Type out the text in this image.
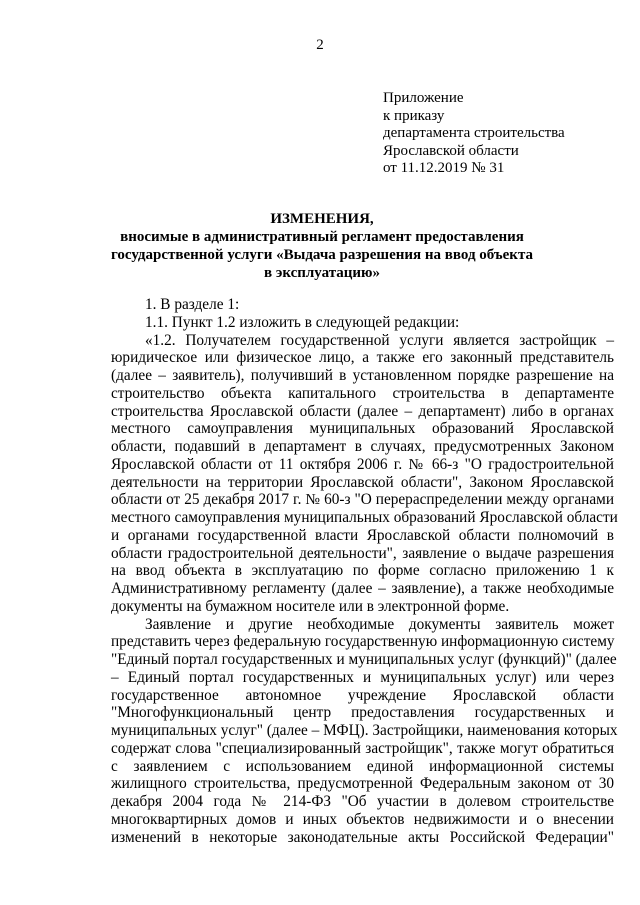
2
Приложение
к приказу
департамента строительства
Ярославской области
от 11.12.2019 № 31
ИЗМЕНЕНИЯ,
вносимые в административный регламент предоставления
государственной услуги «Выдача разрешения на ввод объекта
в эксплуатацию»
1. В разделе 1:
1.1. Пункт 1.2 изложить в следующей редакции:
«1.2. Получателем государственной услуги является застройщик –
юридическое или физическое лицо, а также его законный представитель
(далее – заявитель), получивший в установленном порядке разрешение на
строительство объекта капитального строительства в департаменте
строительства Ярославской области (далее – департамент) либо в органах
местного самоуправления муниципальных образований Ярославской
области, подавший в департамент в случаях, предусмотренных Законом
Ярославской области от 11 октября 2006 г. № 66-з "О градостроительной
деятельности на территории Ярославской области", Законом Ярославской
области от 25 декабря 2017 г. № 60-з "О перераспределении между органами
местного самоуправления муниципальных образований Ярославской области
и органами государственной власти Ярославской области полномочий в
области градостроительной деятельности", заявление о выдаче разрешения
на ввод объекта в эксплуатацию по форме согласно приложению 1 к
Административному регламенту (далее – заявление), а также необходимые
документы на бумажном носителе или в электронной форме.
Заявление и другие необходимые документы заявитель может
представить через федеральную государственную информационную систему
"Единый портал государственных и муниципальных услуг (функций)" (далее
– Единый портал государственных и муниципальных услуг) или через
государственное автономное учреждение Ярославской области
"Многофункциональный центр предоставления государственных и
муниципальных услуг" (далее – МФЦ). Застройщики, наименования которых
содержат слова "специализированный застройщик", также могут обратиться
с заявлением с использованием единой информационной системы
жилищного строительства, предусмотренной Федеральным законом от 30
декабря 2004 года № 214-ФЗ "Об участии в долевом строительстве
многоквартирных домов и иных объектов недвижимости и о внесении
изменений в некоторые законодательные акты Российской Федерации"
